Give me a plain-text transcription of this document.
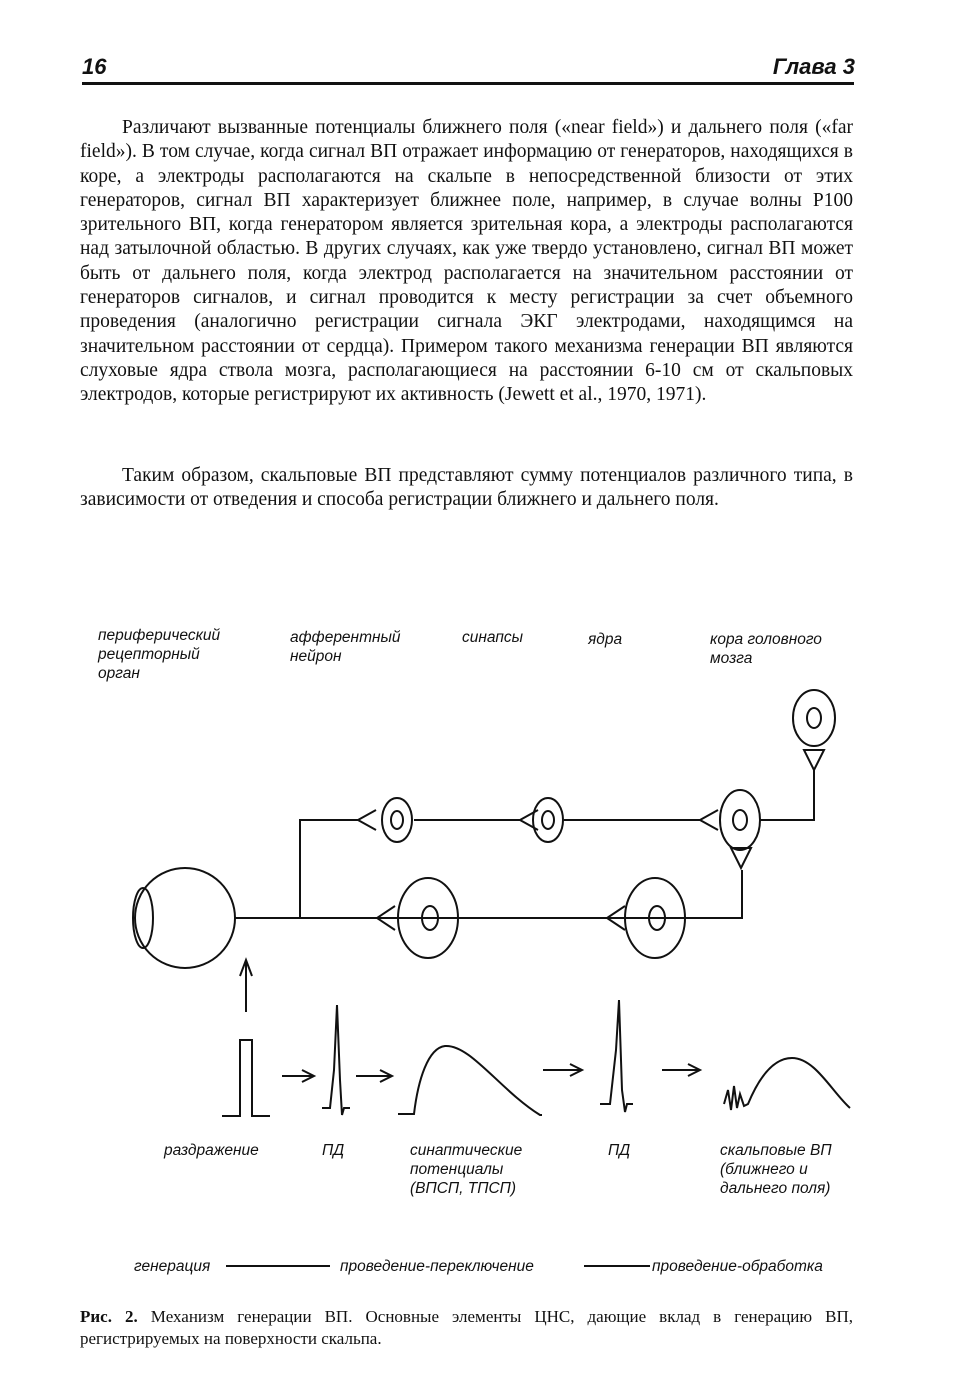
16	Глава 3

Различают вызванные потенциалы ближнего поля («near field») и дальнего поля («far field»). В том случае, когда сигнал ВП отражает информацию от генераторов, находящихся в коре, а электроды располагаются на скальпе в непосредственной близости от этих генераторов, сигнал ВП характеризует ближнее поле, например, в случае волны P100 зрительного ВП, когда генератором является зрительная кора, а электроды располагаются над затылочной областью. В других случаях, как уже твердо установлено, сигнал ВП может быть от дальнего поля, когда электрод располагается на значительном расстоянии от генераторов сигналов, и сигнал проводится к месту регистрации за счет объемного проведения (аналогично регистрации сигнала ЭКГ электродами, находящимся на значительном расстоянии от сердца). Примером такого механизма генерации ВП являются слуховые ядра ствола мозга, располагающиеся на расстоянии 6-10 см от скальповых электродов, которые регистрируют их активность (Jewett et al., 1970, 1971).

Таким образом, скальповые ВП представляют сумму потенциалов различного типа, в зависимости от отведения и способа регистрации ближнего и дальнего поля.

периферический
рецепторный
орган
афферентный
нейрон
синапсы	ядра	кора головного
мозга
раздражение	ПД	синаптические
потенциалы
(ВПСП, ТПСП)
ПД	скальповые ВП
(ближнего и
дальнего поля)
генерация	проведение-переключение	проведение-обработка
Рис. 2. Механизм генерации ВП. Основные элементы ЦНС, дающие вклад в генерацию ВП, регистрируемых на поверхности скальпа.
